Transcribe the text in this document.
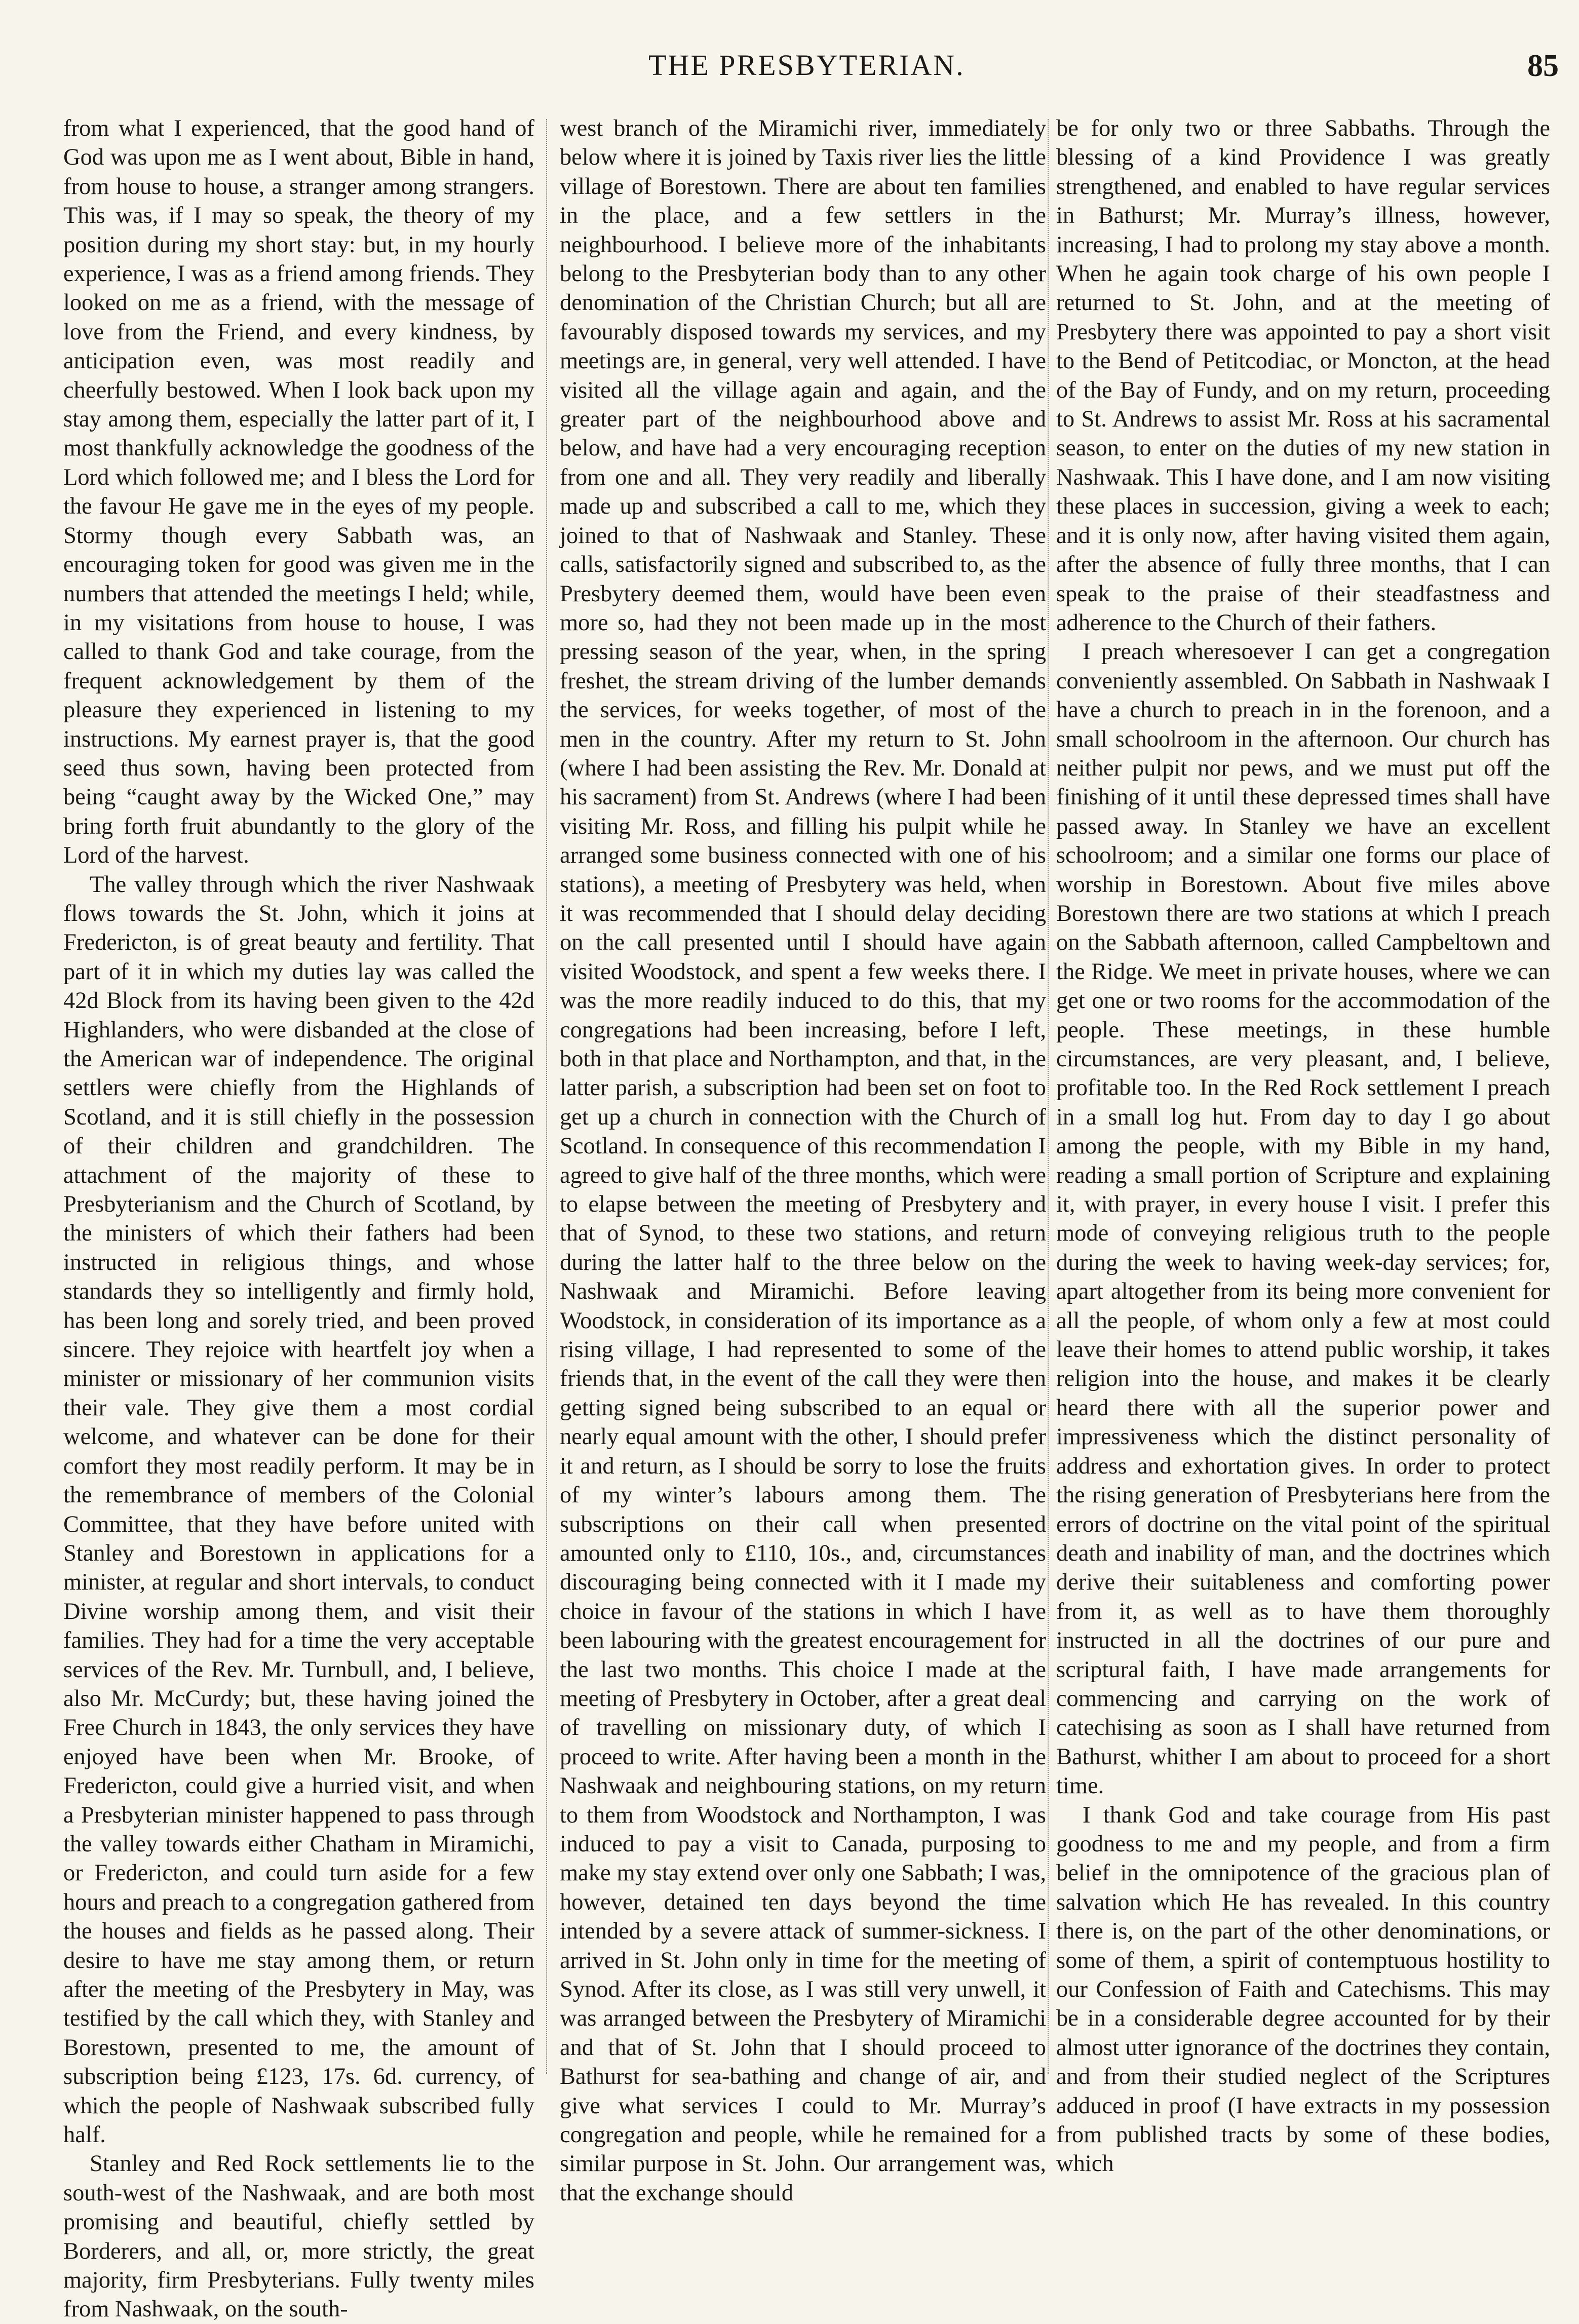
THE PRESBYTERIAN.	85

from what I experienced, that the good hand of God was upon me as I went about, Bible in hand, from house to house, a stranger among strangers. This was, if I may so speak, the theory of my position during my short stay: but, in my hourly experience, I was as a friend among friends. They looked on me as a friend, with the message of love from the Friend, and every kindness, by anticipation even, was most readily and cheerfully bestowed. When I look back upon my stay among them, especially the latter part of it, I most thankfully acknowledge the goodness of the Lord which followed me; and I bless the Lord for the favour He gave me in the eyes of my people. Stormy though every Sabbath was, an encouraging token for good was given me in the numbers that attended the meetings I held; while, in my visitations from house to house, I was called to thank God and take courage, from the frequent acknowledgement by them of the pleasure they experienced in listening to my instructions. My earnest prayer is, that the good seed thus sown, having been protected from being “caught away by the Wicked One,” may bring forth fruit abundantly to the glory of the Lord of the harvest.

The valley through which the river Nashwaak flows towards the St. John, which it joins at Fredericton, is of great beauty and fertility. That part of it in which my duties lay was called the 42d Block from its having been given to the 42d Highlanders, who were disbanded at the close of the American war of independence. The original settlers were chiefly from the Highlands of Scotland, and it is still chiefly in the possession of their children and grandchildren. The attachment of the majority of these to Presbyterianism and the Church of Scotland, by the ministers of which their fathers had been instructed in religious things, and whose standards they so intelligently and firmly hold, has been long and sorely tried, and been proved sincere. They rejoice with heartfelt joy when a minister or missionary of her communion visits their vale. They give them a most cordial welcome, and whatever can be done for their comfort they most readily perform. It may be in the remembrance of members of the Colonial Committee, that they have before united with Stanley and Borestown in applications for a minister, at regular and short intervals, to conduct Divine worship among them, and visit their families. They had for a time the very acceptable services of the Rev. Mr. Turnbull, and, I believe, also Mr. McCurdy; but, these having joined the Free Church in 1843, the only services they have enjoyed have been when Mr. Brooke, of Fredericton, could give a hurried visit, and when a Presbyterian minister happened to pass through the valley towards either Chatham in Miramichi, or Fredericton, and could turn aside for a few hours and preach to a congregation gathered from the houses and fields as he passed along. Their desire to have me stay among them, or return after the meeting of the Presbytery in May, was testified by the call which they, with Stanley and Borestown, presented to me, the amount of subscription being £123, 17s. 6d. currency, of which the people of Nashwaak subscribed fully half.

Stanley and Red Rock settlements lie to the south-west of the Nashwaak, and are both most promising and beautiful, chiefly settled by Borderers, and all, or, more strictly, the great majority, firm Presbyterians. Fully twenty miles from Nashwaak, on the south-

west branch of the Miramichi river, immediately below where it is joined by Taxis river lies the little village of Borestown. There are about ten families in the place, and a few settlers in the neighbourhood. I believe more of the inhabitants belong to the Presbyterian body than to any other denomination of the Christian Church; but all are favourably disposed towards my services, and my meetings are, in general, very well attended. I have visited all the village again and again, and the greater part of the neighbourhood above and below, and have had a very encouraging reception from one and all. They very readily and liberally made up and subscribed a call to me, which they joined to that of Nashwaak and Stanley. These calls, satisfactorily signed and subscribed to, as the Presbytery deemed them, would have been even more so, had they not been made up in the most pressing season of the year, when, in the spring freshet, the stream driving of the lumber demands the services, for weeks together, of most of the men in the country. After my return to St. John (where I had been assisting the Rev. Mr. Donald at his sacrament) from St. Andrews (where I had been visiting Mr. Ross, and filling his pulpit while he arranged some business connected with one of his stations), a meeting of Presbytery was held, when it was recommended that I should delay deciding on the call presented until I should have again visited Woodstock, and spent a few weeks there. I was the more readily induced to do this, that my congregations had been increasing, before I left, both in that place and Northampton, and that, in the latter parish, a subscription had been set on foot to get up a church in connection with the Church of Scotland. In consequence of this recommendation I agreed to give half of the three months, which were to elapse between the meeting of Presbytery and that of Synod, to these two stations, and return during the latter half to the three below on the Nashwaak and Miramichi. Before leaving Woodstock, in consideration of its importance as a rising village, I had represented to some of the friends that, in the event of the call they were then getting signed being subscribed to an equal or nearly equal amount with the other, I should prefer it and return, as I should be sorry to lose the fruits of my winter’s labours among them. The subscriptions on their call when presented amounted only to £110, 10s., and, circumstances discouraging being connected with it I made my choice in favour of the stations in which I have been labouring with the greatest encouragement for the last two months. This choice I made at the meeting of Presbytery in October, after a great deal of travelling on missionary duty, of which I proceed to write. After having been a month in the Nashwaak and neighbouring stations, on my return to them from Woodstock and Northampton, I was induced to pay a visit to Canada, purposing to make my stay extend over only one Sabbath; I was, however, detained ten days beyond the time intended by a severe attack of summer-sickness. I arrived in St. John only in time for the meeting of Synod. After its close, as I was still very unwell, it was arranged between the Presbytery of Miramichi and that of St. John that I should proceed to Bathurst for sea-bathing and change of air, and give what services I could to Mr. Murray’s congregation and people, while he remained for a similar purpose in St. John. Our arrangement was, that the exchange should

be for only two or three Sabbaths. Through the blessing of a kind Providence I was greatly strengthened, and enabled to have regular services in Bathurst; Mr. Murray’s illness, however, increasing, I had to prolong my stay above a month. When he again took charge of his own people I returned to St. John, and at the meeting of Presbytery there was appointed to pay a short visit to the Bend of Petitcodiac, or Moncton, at the head of the Bay of Fundy, and on my return, proceeding to St. Andrews to assist Mr. Ross at his sacramental season, to enter on the duties of my new station in Nashwaak. This I have done, and I am now visiting these places in succession, giving a week to each; and it is only now, after having visited them again, after the absence of fully three months, that I can speak to the praise of their steadfastness and adherence to the Church of their fathers.

I preach wheresoever I can get a congregation conveniently assembled. On Sabbath in Nashwaak I have a church to preach in in the forenoon, and a small schoolroom in the afternoon. Our church has neither pulpit nor pews, and we must put off the finishing of it until these depressed times shall have passed away. In Stanley we have an excellent schoolroom; and a similar one forms our place of worship in Borestown. About five miles above Borestown there are two stations at which I preach on the Sabbath afternoon, called Campbeltown and the Ridge. We meet in private houses, where we can get one or two rooms for the accommodation of the people. These meetings, in these humble circumstances, are very pleasant, and, I believe, profitable too. In the Red Rock settlement I preach in a small log hut. From day to day I go about among the people, with my Bible in my hand, reading a small portion of Scripture and explaining it, with prayer, in every house I visit. I prefer this mode of conveying religious truth to the people during the week to having week-day services; for, apart altogether from its being more convenient for all the people, of whom only a few at most could leave their homes to attend public worship, it takes religion into the house, and makes it be clearly heard there with all the superior power and impressiveness which the distinct personality of address and exhortation gives. In order to protect the rising generation of Presbyterians here from the errors of doctrine on the vital point of the spiritual death and inability of man, and the doctrines which derive their suitableness and comforting power from it, as well as to have them thoroughly instructed in all the doctrines of our pure and scriptural faith, I have made arrangements for commencing and carrying on the work of catechising as soon as I shall have returned from Bathurst, whither I am about to proceed for a short time.

I thank God and take courage from His past goodness to me and my people, and from a firm belief in the omnipotence of the gracious plan of salvation which He has revealed. In this country there is, on the part of the other denominations, or some of them, a spirit of contemptuous hostility to our Confession of Faith and Catechisms. This may be in a considerable degree accounted for by their almost utter ignorance of the doctrines they contain, and from their studied neglect of the Scriptures adduced in proof (I have extracts in my possession from published tracts by some of these bodies, which
